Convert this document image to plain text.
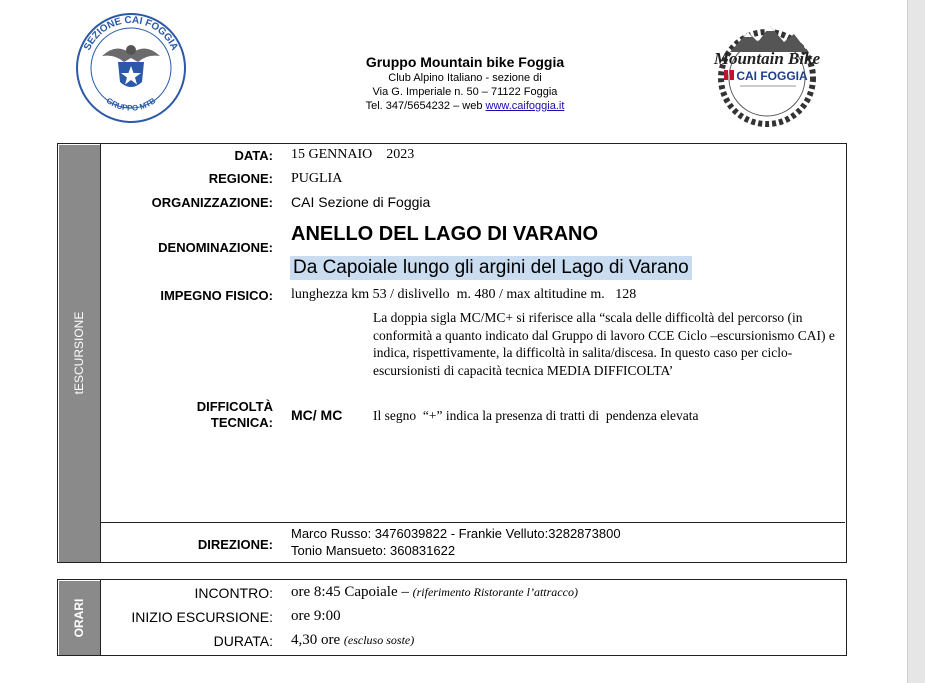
SEZIONE CAI FOGGIA
GRUPPO MTB
Gruppo Mountain bike Foggia
Club Alpino Italiano - sezione di
Via G. Imperiale n. 50 – 71122 Foggia
Tel. 347/5654232 – web www.caifoggia.it
Mountain Bike
CAI FOGGIA
tESCURSIONE
DATA: 15 GENNAIO    2023
REGIONE: PUGLIA
ORGANIZZAZIONE: CAI Sezione di Foggia
DENOMINAZIONE:
ANELLO DEL LAGO DI VARANO
Da Capoiale lungo gli argini del Lago di Varano
IMPEGNO FISICO: lunghezza km 53 / dislivello  m. 480 / max altitudine m.   128
La doppia sigla MC/MC+ si riferisce alla “scala delle difficoltà del percorso (in conformità a quanto indicato dal Gruppo di lavoro CCE Ciclo –escursionismo CAI) e indica, rispettivamente, la difficoltà in salita/discesa. In questo caso per ciclo-escursionisti di capacità tecnica MEDIA DIFFICOLTA’
Il segno  “+” indica la presenza di tratti di  pendenza elevata
DIFFICOLTÀ
TECNICA: MC/ MC
DIREZIONE:
Marco Russo: 3476039822 - Frankie Velluto:3282873800
Tonio Mansueto: 360831622
ORARI
INCONTRO: ore 8:45 Capoiale – (riferimento Ristorante l’attracco)
INIZIO ESCURSIONE: ore 9:00
DURATA: 4,30 ore (escluso soste)
